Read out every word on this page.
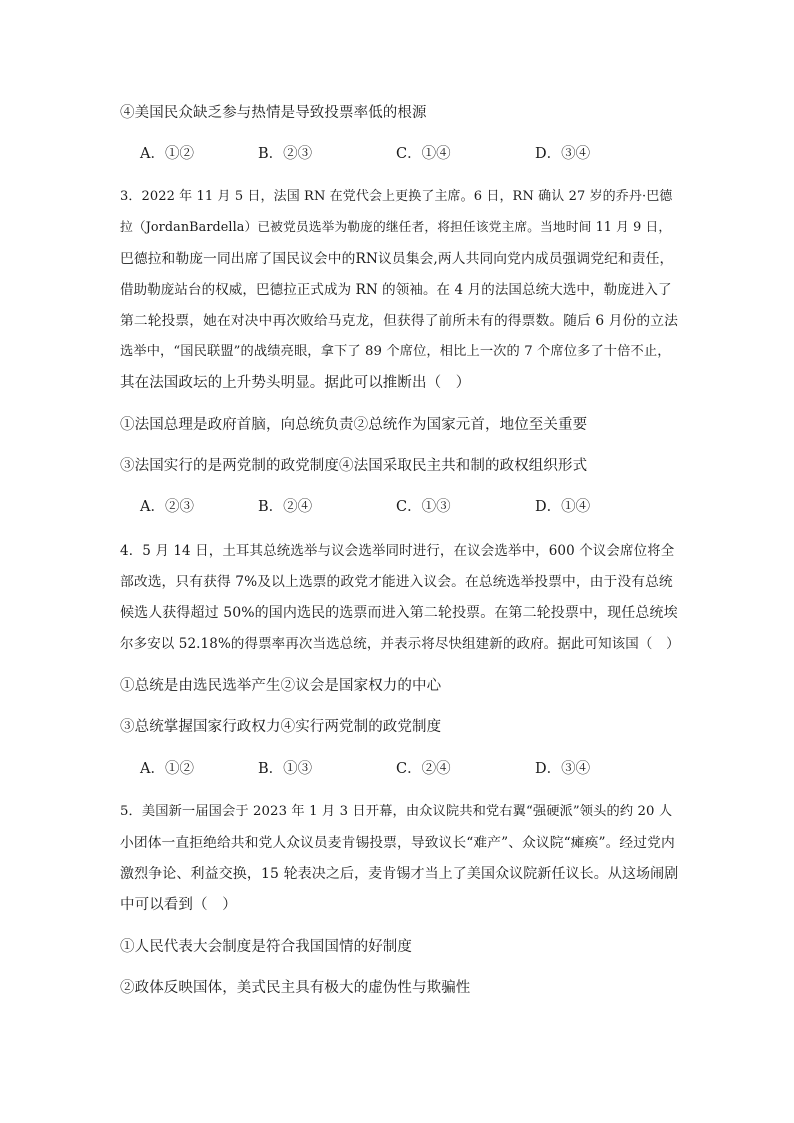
④美国民众缺乏参与热情是导致投票率低的根源
A．①②	B．②③	C．①④	D．③④
3．2022 年 11 月 5 日，法国 RN 在党代会上更换了主席。6 日，RN 确认 27 岁的乔丹·巴德
拉（JordanBardella）已被党员选举为勒庞的继任者，将担任该党主席。当地时间 11 月 9 日，
巴德拉和勒庞一同出席了国民议会中的RN议员集会,两人共同向党内成员强调党纪和责任，
借助勒庞站台的权威，巴德拉正式成为 RN 的领袖。在 4 月的法国总统大选中，勒庞进入了
第二轮投票，她在对决中再次败给马克龙，但获得了前所未有的得票数。随后 6 月份的立法
选举中，“国民联盟”的战绩亮眼，拿下了 89 个席位，相比上一次的 7 个席位多了十倍不止，
其在法国政坛的上升势头明显。据此可以推断出（　）
①法国总理是政府首脑，向总统负责②总统作为国家元首，地位至关重要
③法国实行的是两党制的政党制度④法国采取民主共和制的政权组织形式
A．②③	B．②④	C．①③	D．①④
4．5 月 14 日，土耳其总统选举与议会选举同时进行，在议会选举中，600 个议会席位将全
部改选，只有获得 7%及以上选票的政党才能进入议会。在总统选举投票中，由于没有总统
候选人获得超过 50%的国内选民的选票而进入第二轮投票。在第二轮投票中，现任总统埃
尔多安以 52.18%的得票率再次当选总统，并表示将尽快组建新的政府。据此可知该国（　）
①总统是由选民选举产生②议会是国家权力的中心
③总统掌握国家行政权力④实行两党制的政党制度
A．①②	B．①③	C．②④	D．③④
5．美国新一届国会于 2023 年 1 月 3 日开幕，由众议院共和党右翼“强硬派”领头的约 20 人
小团体一直拒绝给共和党人众议员麦肯锡投票，导致议长“难产”、众议院“瘫痪”。经过党内
激烈争论、利益交换，15 轮表决之后，麦肯锡才当上了美国众议院新任议长。从这场闹剧
中可以看到（　）
①人民代表大会制度是符合我国国情的好制度
②政体反映国体，美式民主具有极大的虚伪性与欺骗性
